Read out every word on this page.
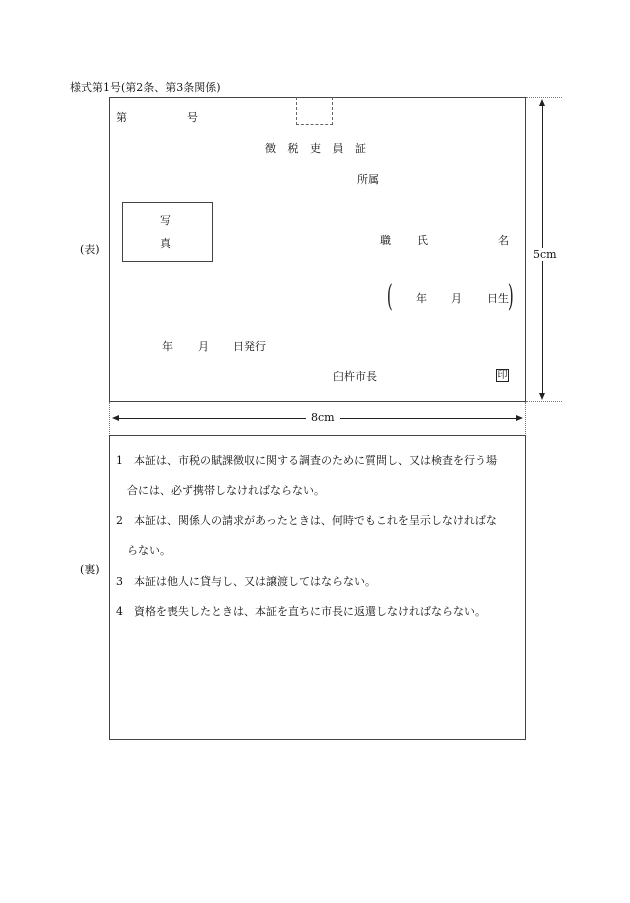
様式第1号(第2条、第3条関係)
(表)
第	号
徴 税 吏 員 証
所属
写
真	職 氏	名
(	)
年 月 日生
年 月 日発行
臼杵市長	印
5cm
8cm
(裏)
1　本証は、市税の賦課徴収に関する調査のために質問し、又は検査を行う場
　合には、必ず携帯しなければならない。
2　本証は、関係人の請求があったときは、何時でもこれを呈示しなければな
　らない。
3　本証は他人に貸与し、又は譲渡してはならない。
4　資格を喪失したときは、本証を直ちに市長に返還しなければならない。
